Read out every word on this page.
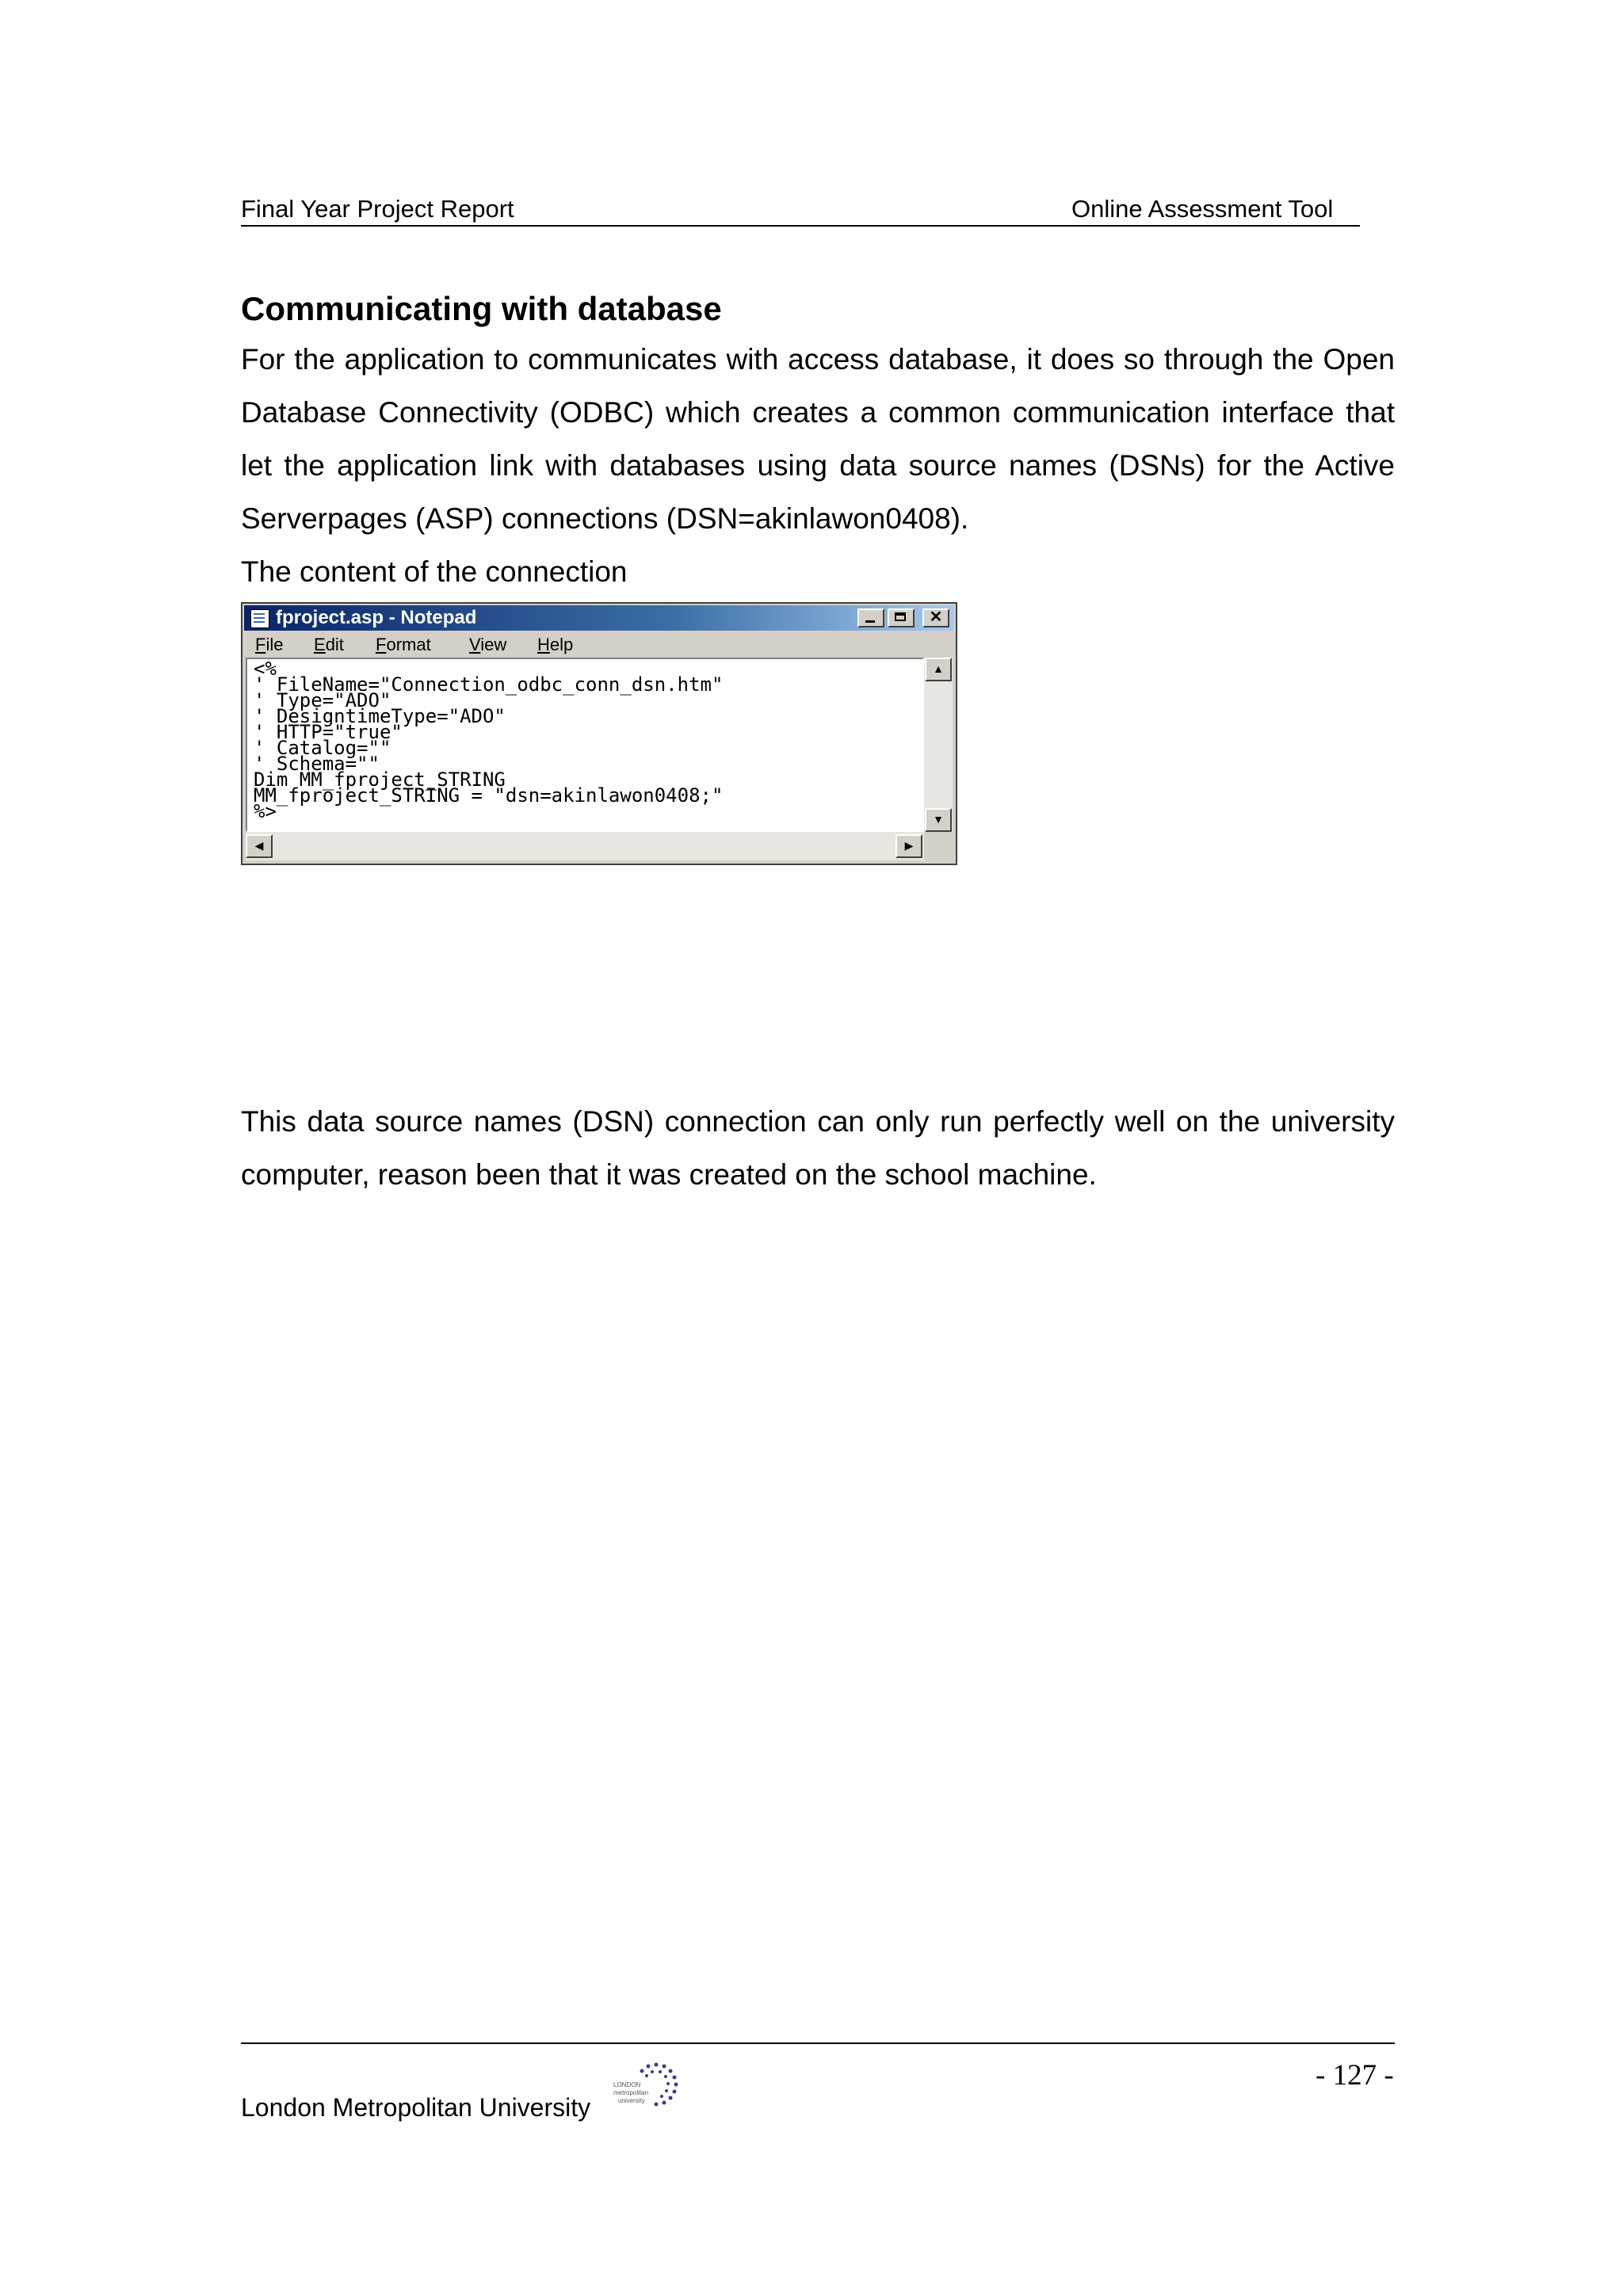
Final Year Project Report	Online Assessment Tool
Communicating with database

For the application to communicates with access database, it does so through the Open Database Connectivity (ODBC) which creates a common communication interface that let the application link with databases using data source names (DSNs) for the Active Serverpages (ASP) connections (DSN=akinlawon0408).

The content of the connection

fproject.asp - Notepad	✕
File Edit Format View Help
<%
' FileName="Connection_odbc_conn_dsn.htm"
' Type="ADO"
' DesigntimeType="ADO"
' HTTP="true"
' Catalog=""
' Schema=""
Dim MM_fproject_STRING
MM_fproject_STRING = "dsn=akinlawon0408;"
%>
▲
▼
◀	▶

This data source names (DSN) connection can only run perfectly well on the university computer, reason been that it was created on the school machine.

- 127 -
London Metropolitan University
LONDON
metropolitan
university
